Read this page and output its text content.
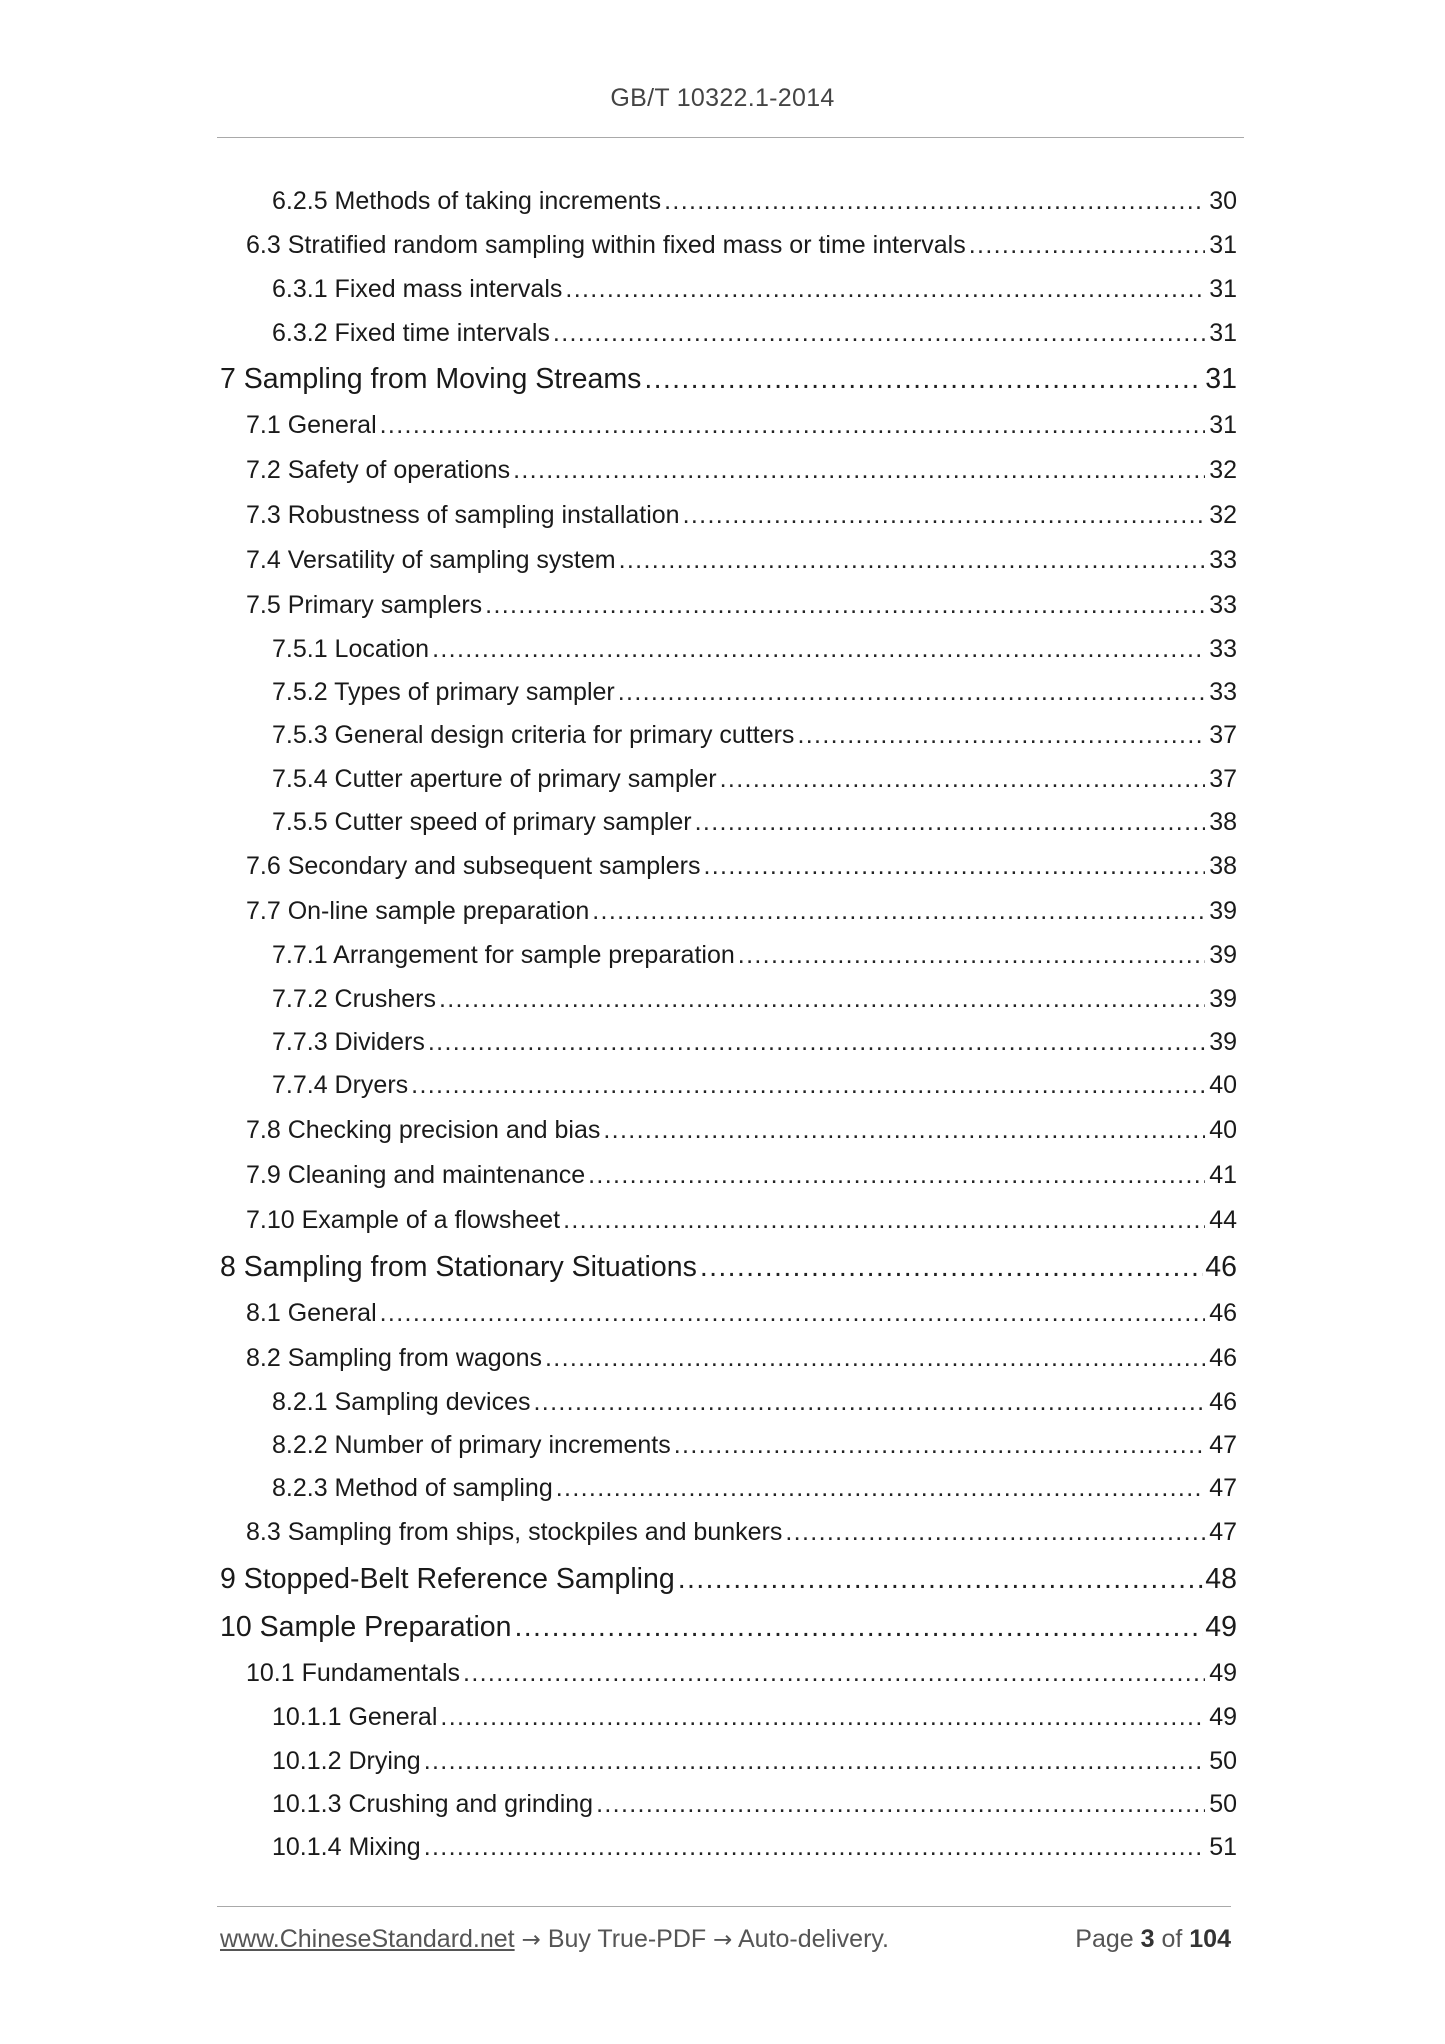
GB/T 10322.1-2014
6.2.5 Methods of taking increments .....	30
6.3 Stratified random sampling within fixed mass or time intervals .....	31
6.3.1 Fixed mass intervals .....	31
6.3.2 Fixed time intervals .....	31
7 Sampling from Moving Streams .....	31
7.1 General .....	31
7.2 Safety of operations .....	32
7.3 Robustness of sampling installation .....	32
7.4 Versatility of sampling system .....	33
7.5 Primary samplers .....	33
7.5.1 Location .....	33
7.5.2 Types of primary sampler .....	33
7.5.3 General design criteria for primary cutters .....	37
7.5.4 Cutter aperture of primary sampler .....	37
7.5.5 Cutter speed of primary sampler .....	38
7.6 Secondary and subsequent samplers .....	38
7.7 On-line sample preparation .....	39
7.7.1 Arrangement for sample preparation .....	39
7.7.2 Crushers .....	39
7.7.3 Dividers .....	39
7.7.4 Dryers .....	40
7.8 Checking precision and bias .....	40
7.9 Cleaning and maintenance .....	41
7.10 Example of a flowsheet .....	44
8 Sampling from Stationary Situations .....	46
8.1 General .....	46
8.2 Sampling from wagons .....	46
8.2.1 Sampling devices .....	46
8.2.2 Number of primary increments .....	47
8.2.3 Method of sampling .....	47
8.3 Sampling from ships, stockpiles and bunkers .....	47
9 Stopped-Belt Reference Sampling .....	48
10 Sample Preparation .....	49
10.1 Fundamentals .....	49
10.1.1 General .....	49
10.1.2 Drying .....	50
10.1.3 Crushing and grinding .....	50
10.1.4 Mixing .....	51
www.ChineseStandard.net → Buy True-PDF → Auto-delivery.	Page 3 of 104
